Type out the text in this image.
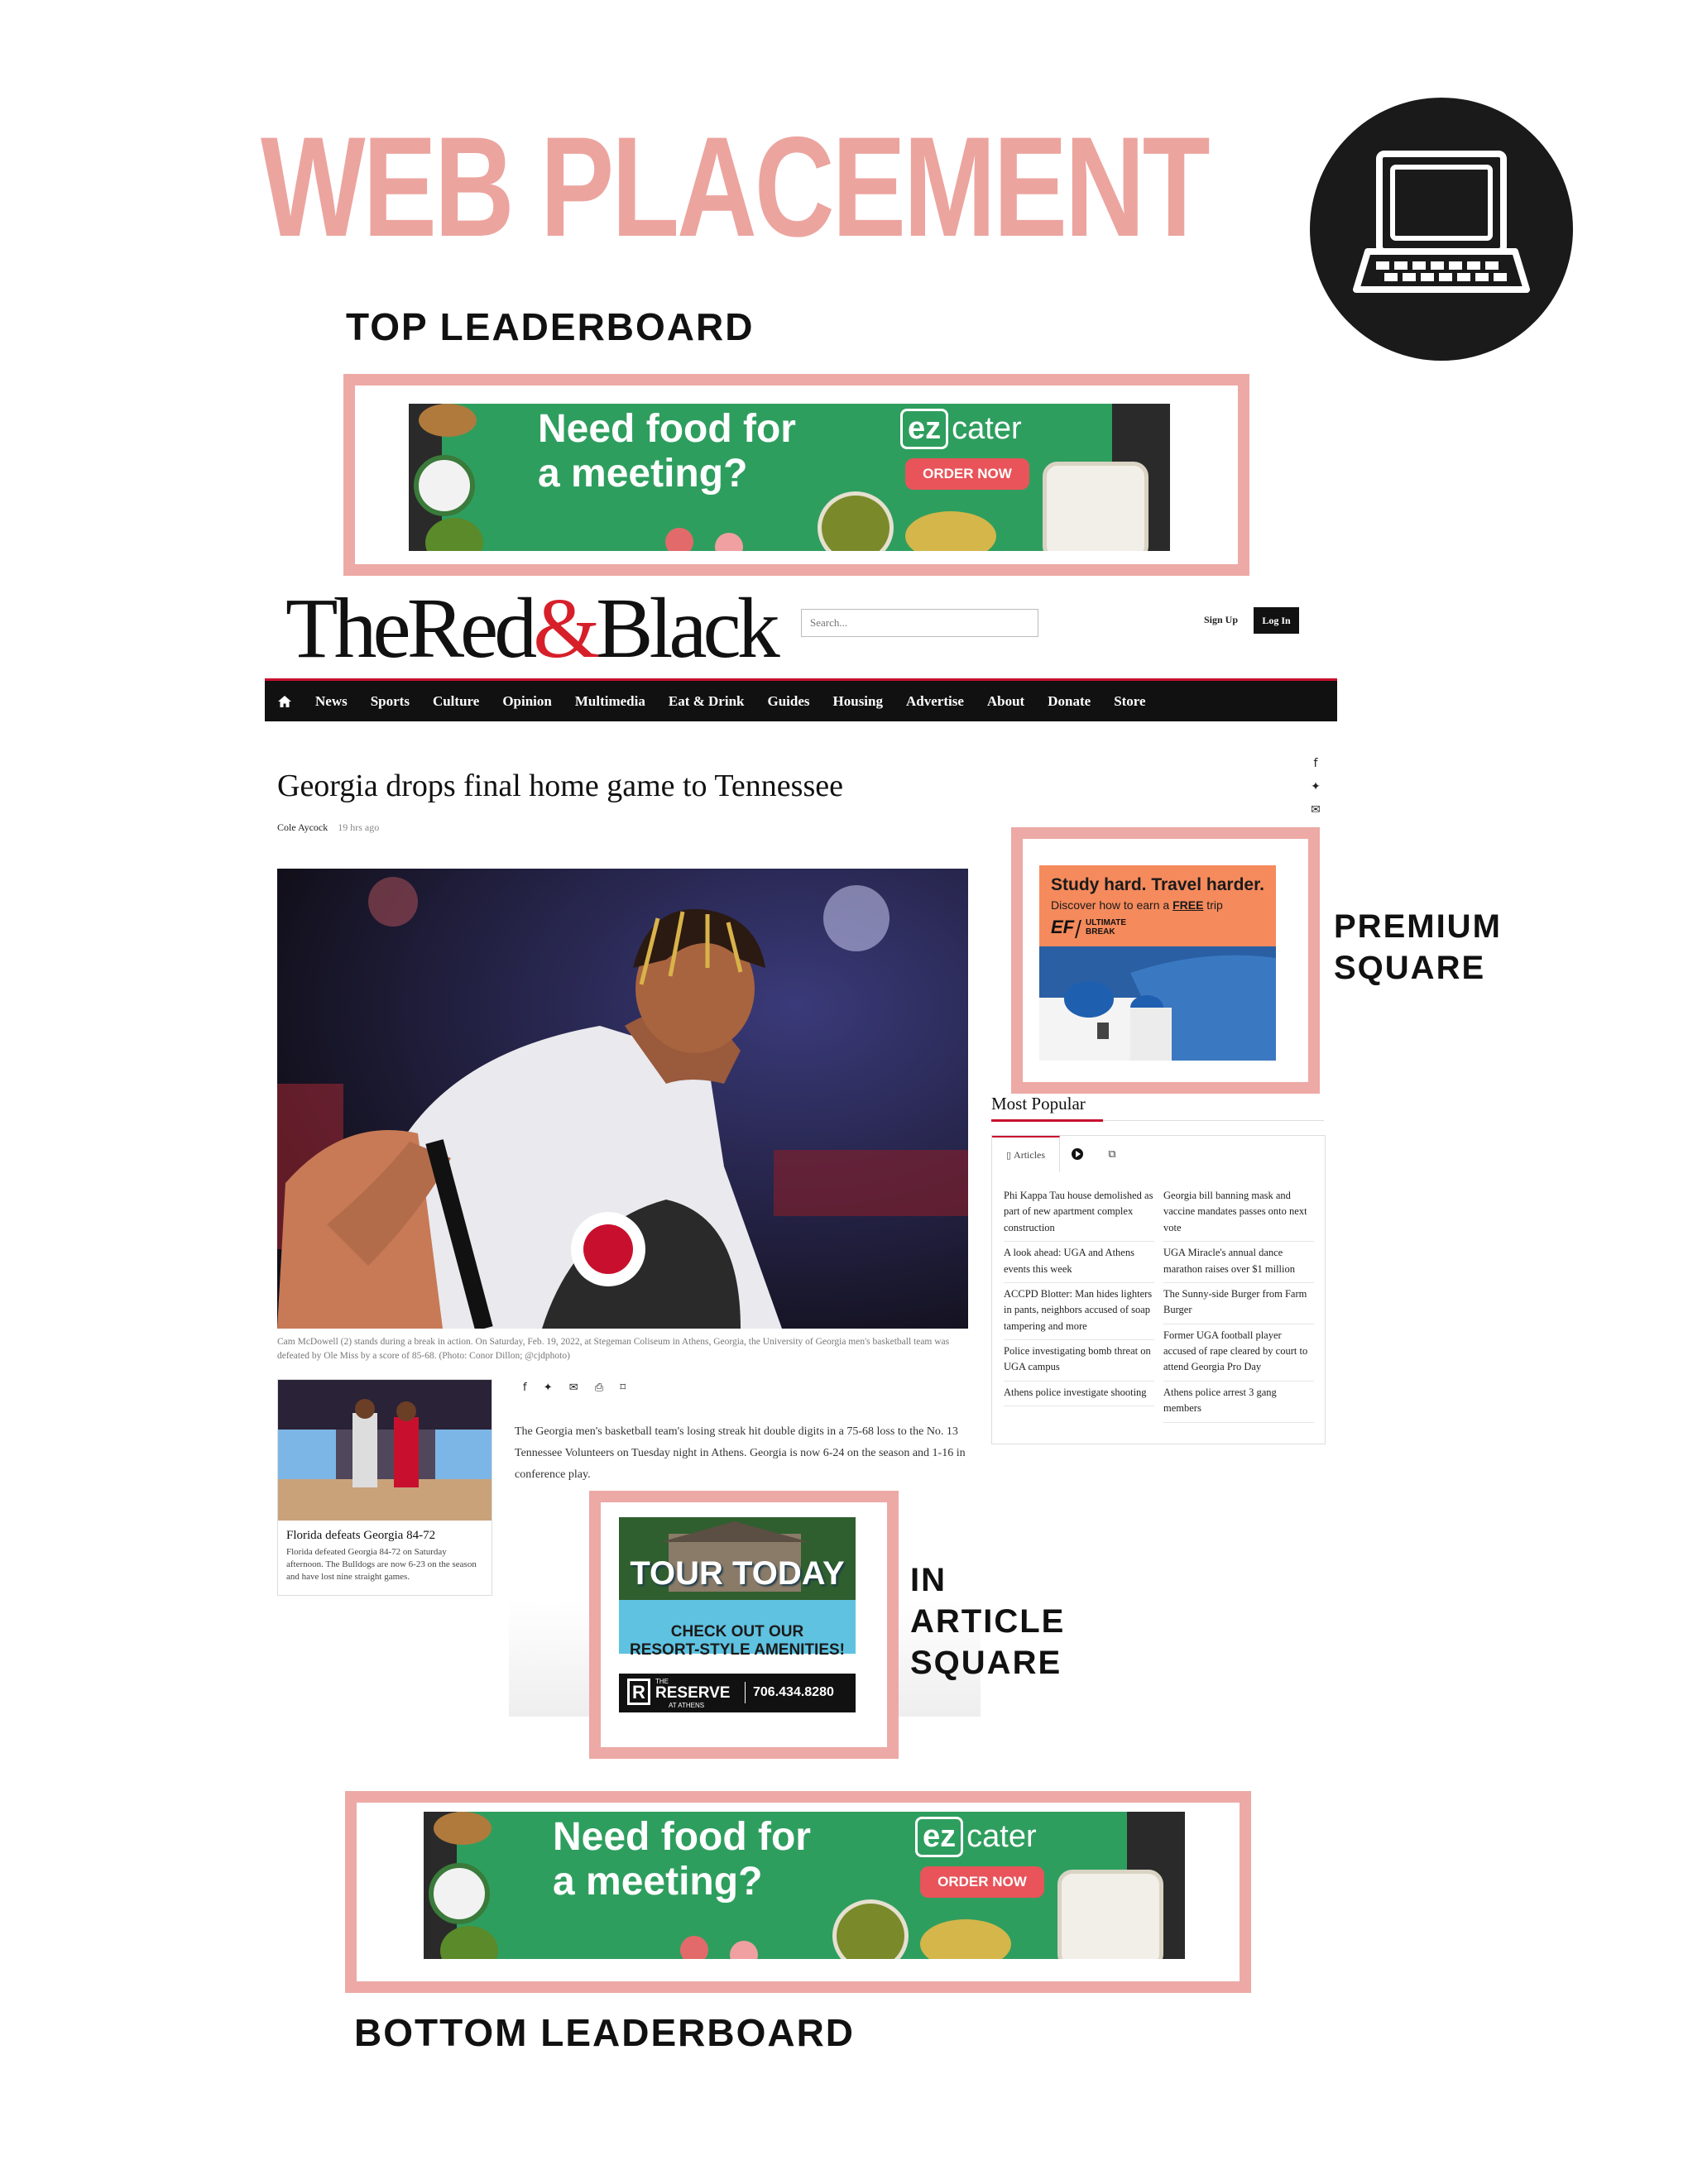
WEB PLACEMENT
TOP LEADERBOARD
Need food for
a meeting?
ez cater
ORDER NOW
TheRed&Black
Search...	Sign Up	Log In
News Sports Culture Opinion Multimedia Eat & Drink Guides Housing Advertise About Donate Store
Georgia drops final home game to Tennessee
Cole Aycock 19 hrs ago
f
✦
✉
Cam McDowell (2) stands during a break in action. On Saturday, Feb. 19, 2022, at Stegeman Coliseum in Athens, Georgia, the University of Georgia men's basketball team was defeated by Ole Miss by a score of 85-68. (Photo: Conor Dillon; @cjdphoto)
Florida defeats Georgia 84-72
Florida defeated Georgia 84-72 on Saturday afternoon. The Bulldogs are now 6-23 on the season and have lost nine straight games.
f ✦ ✉ ⎙ ⌑
The Georgia men's basketball team's losing streak hit double digits in a 75-68 loss to the No. 13 Tennessee Volunteers on Tuesday night in Athens. Georgia is now 6-24 on the season and 1-16 in conference play.
TOUR TODAY
CHECK OUT OUR
RESORT-STYLE AMENITIES!
R
THE
RESERVE
AT ATHENS
706.434.8280
IN
ARTICLE
SQUARE
Study hard. Travel harder.
Discover how to earn a FREE trip
EF ULTIMATE
BREAK	PREMIUM
SQUARE
Most Popular
▯ Articles	⧉
Phi Kappa Tau house demolished as part of new apartment complex construction
A look ahead: UGA and Athens events this week
ACCPD Blotter: Man hides lighters in pants, neighbors accused of soap tampering and more
Police investigating bomb threat on UGA campus
Athens police investigate shooting
Georgia bill banning mask and vaccine mandates passes onto next vote
UGA Miracle's annual dance marathon raises over $1 million
The Sunny-side Burger from Farm Burger
Former UGA football player accused of rape cleared by court to attend Georgia Pro Day
Athens police arrest 3 gang members
Need food for
a meeting?
ez cater
ORDER NOW
BOTTOM LEADERBOARD
